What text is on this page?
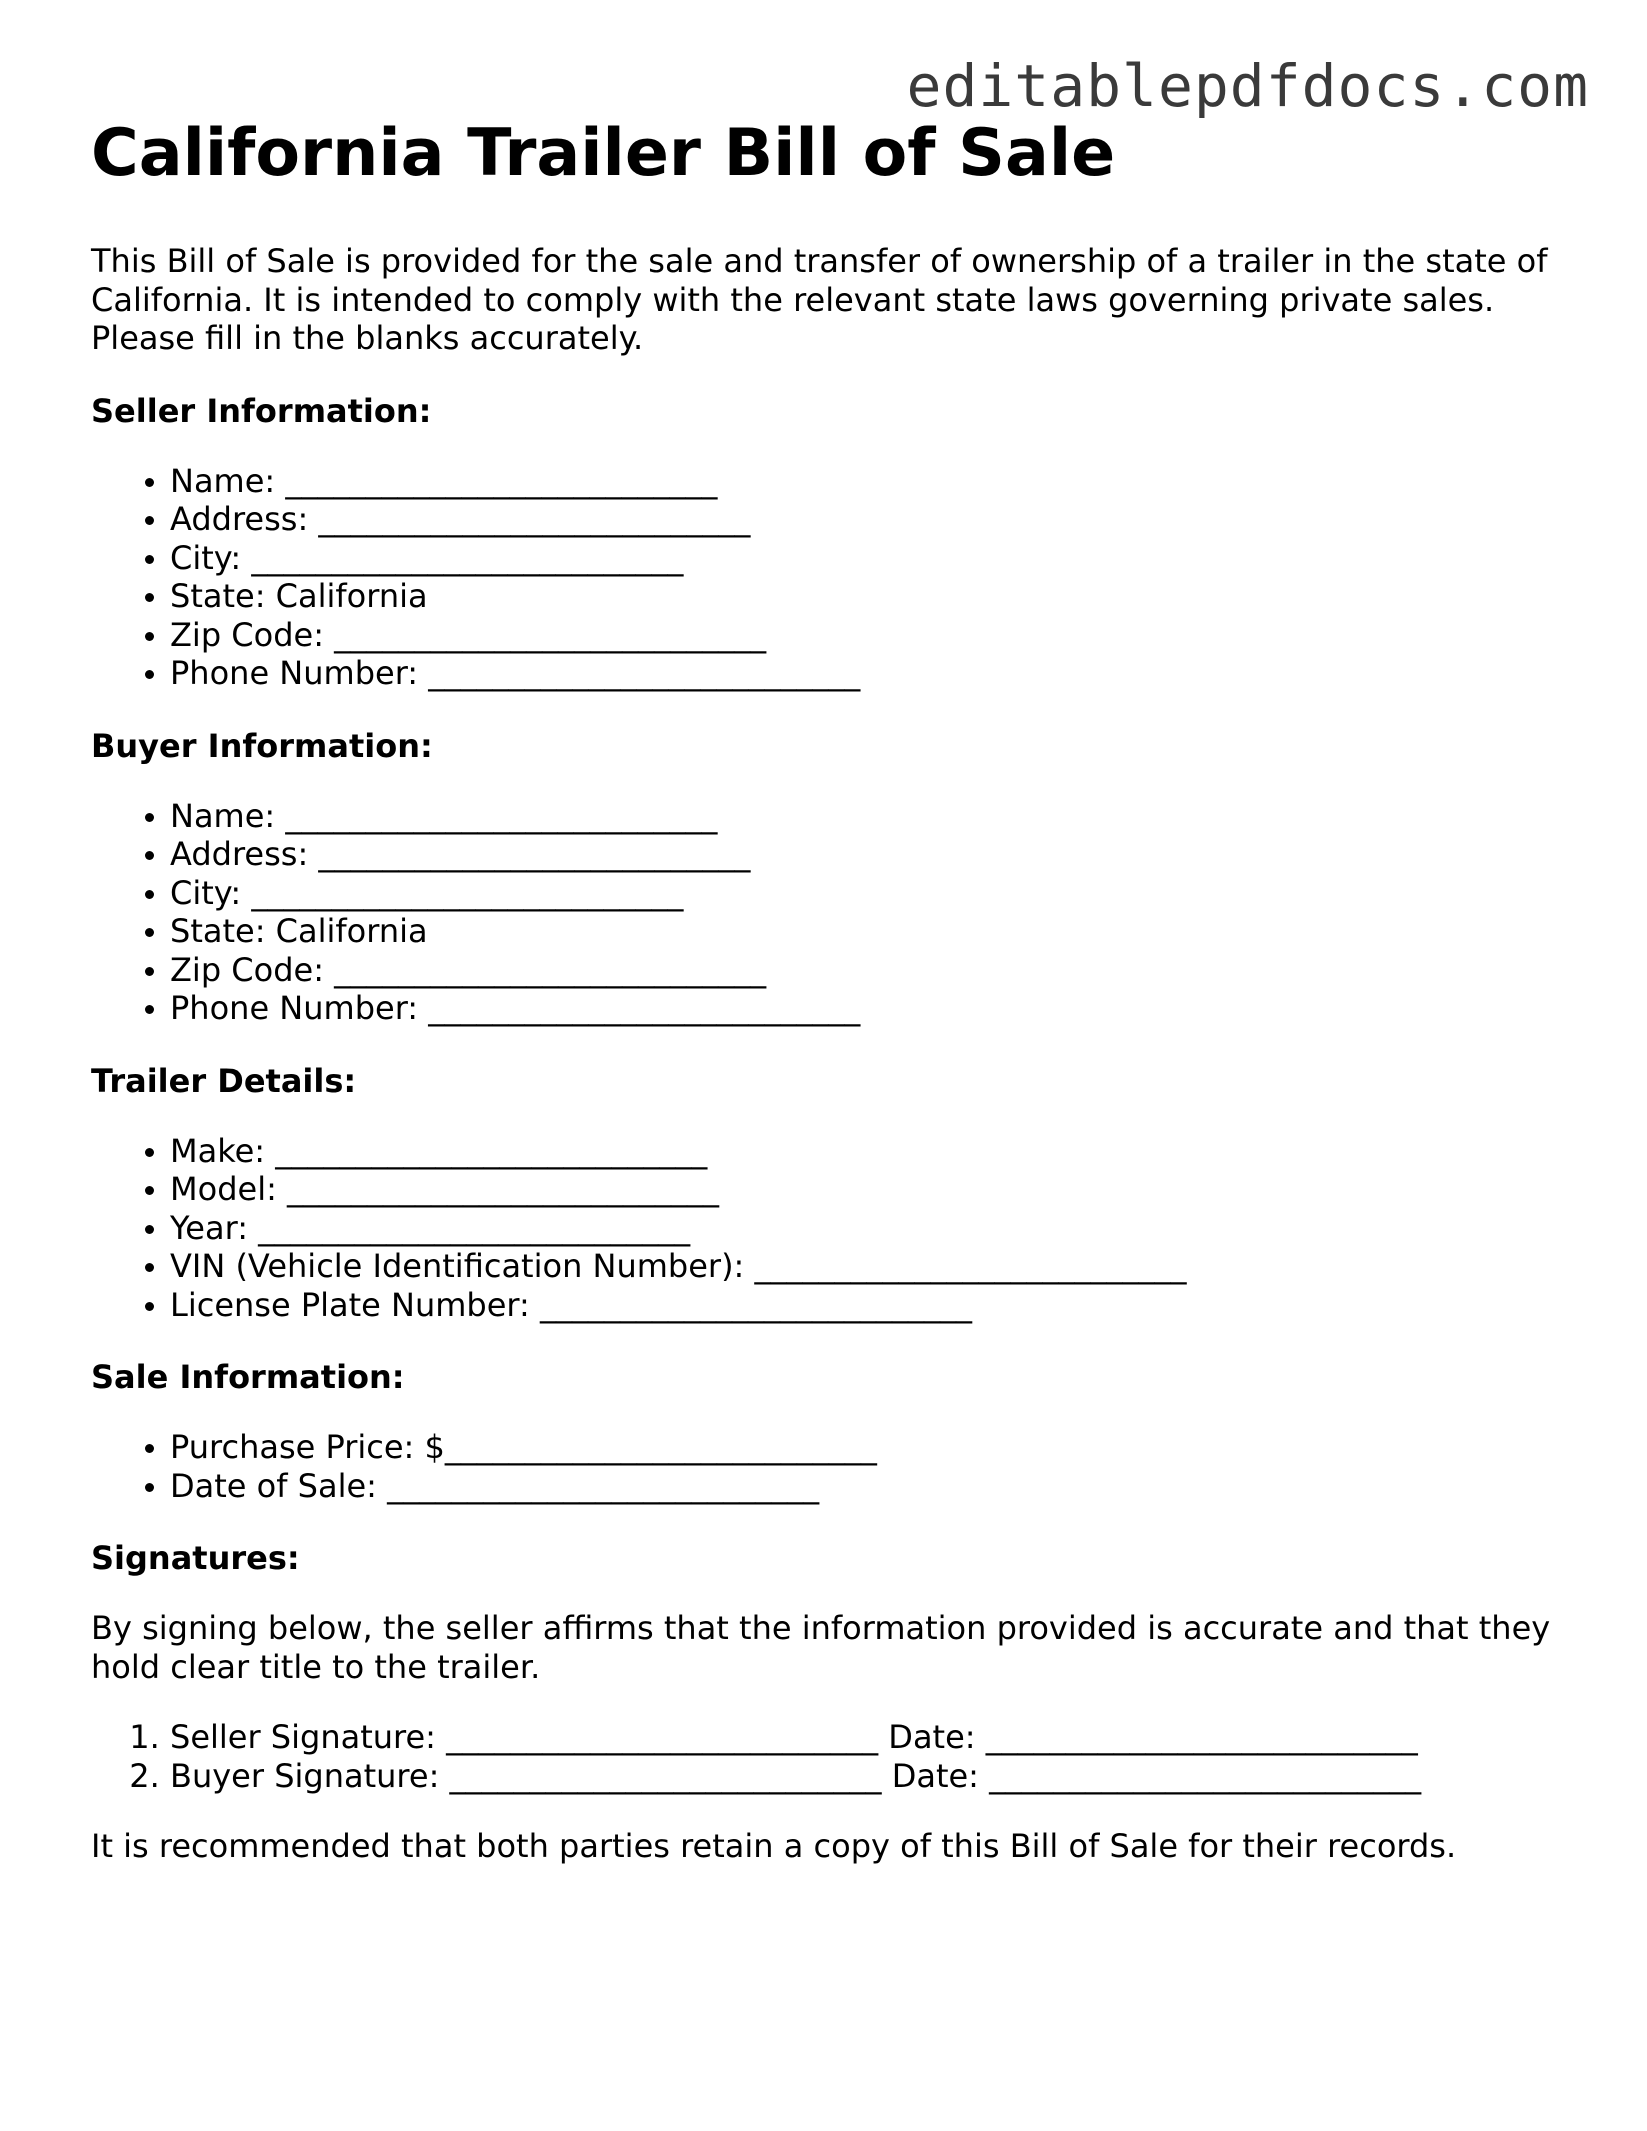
editablepdfdocs.com
California Trailer Bill of Sale

This Bill of Sale is provided for the sale and transfer of ownership of a trailer in the state of California. It is intended to comply with the relevant state laws governing private sales. Please fill in the blanks accurately.

Seller Information:
• Name: ___________________________
• Address: ___________________________
• City: ___________________________
• State: California
• Zip Code: ___________________________
• Phone Number: ___________________________
Buyer Information:
• Name: ___________________________
• Address: ___________________________
• City: ___________________________
• State: California
• Zip Code: ___________________________
• Phone Number: ___________________________
Trailer Details:
• Make: ___________________________
• Model: ___________________________
• Year: ___________________________
• VIN (Vehicle Identification Number): ___________________________
• License Plate Number: ___________________________
Sale Information:
• Purchase Price: $___________________________
• Date of Sale: ___________________________
Signatures:

By signing below, the seller affirms that the information provided is accurate and that they hold clear title to the trailer.

1. Seller Signature: ___________________________ Date: ___________________________
2. Buyer Signature: ___________________________ Date: ___________________________

It is recommended that both parties retain a copy of this Bill of Sale for their records.
